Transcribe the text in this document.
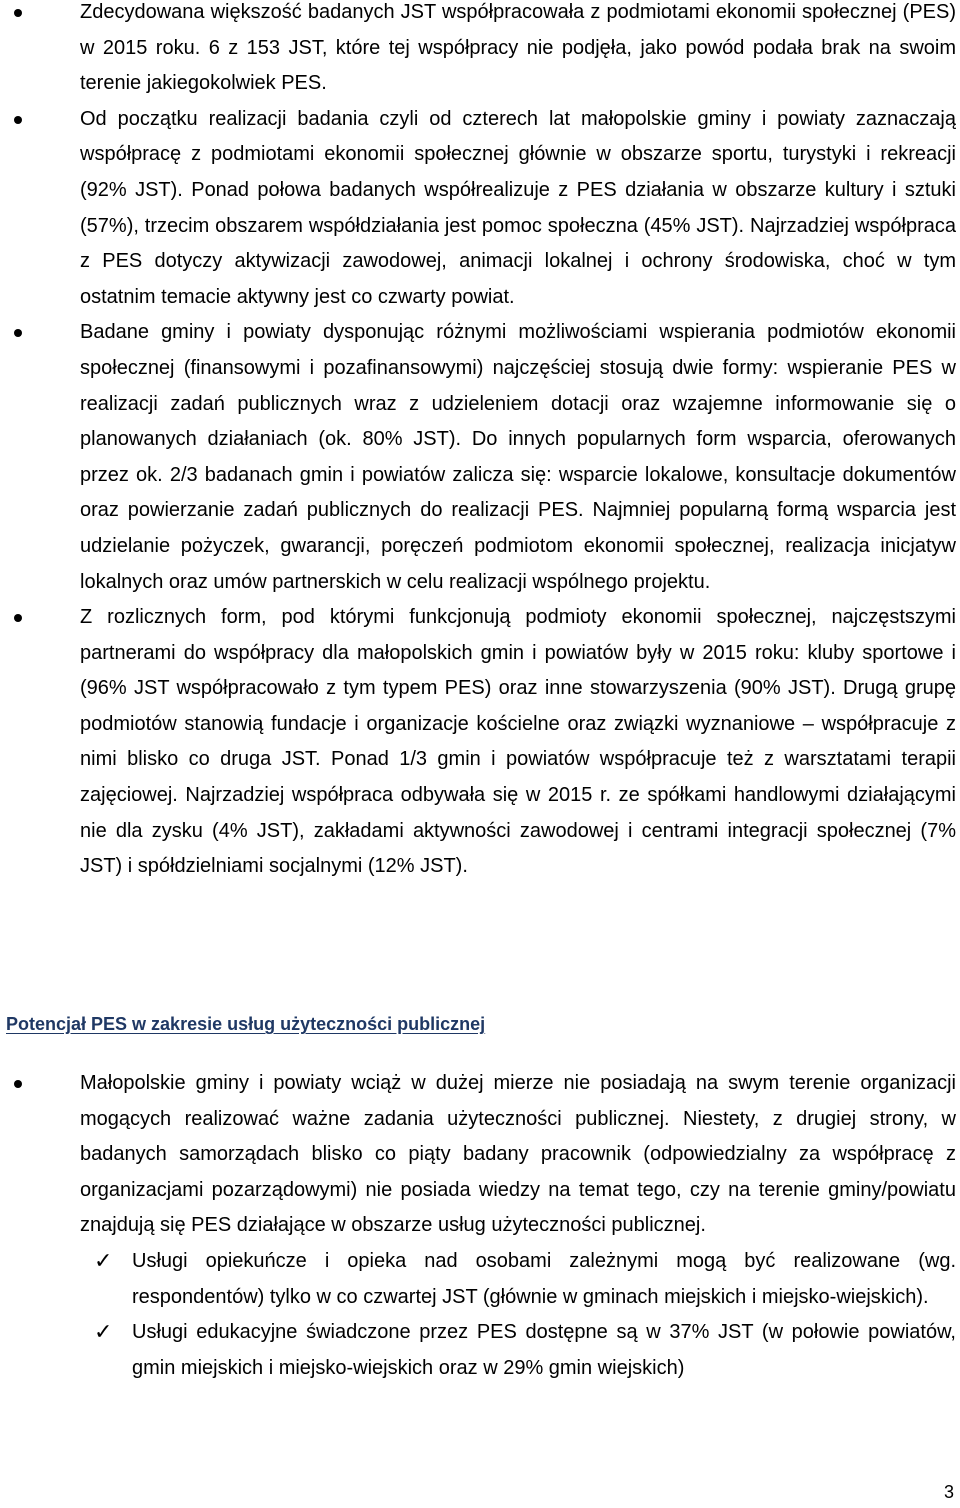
Zdecydowana większość badanych JST współpracowała z podmiotami ekonomii społecznej (PES) w 2015 roku. 6 z 153 JST, które tej współpracy nie podjęła, jako powód podała brak na swoim terenie jakiegokolwiek PES.
Od początku realizacji badania czyli od czterech lat małopolskie gminy i powiaty zaznaczają współpracę z podmiotami ekonomii społecznej głównie w obszarze sportu, turystyki i rekreacji (92% JST). Ponad połowa badanych współrealizuje z PES działania w obszarze kultury i sztuki (57%), trzecim obszarem współdziałania jest pomoc społeczna (45% JST). Najrzadziej współpraca z PES dotyczy aktywizacji zawodowej, animacji lokalnej i ochrony środowiska, choć w tym ostatnim temacie aktywny jest co czwarty powiat.
Badane gminy i powiaty dysponując różnymi możliwościami wspierania podmiotów ekonomii społecznej (finansowymi i pozafinansowymi) najczęściej stosują dwie formy: wspieranie PES w realizacji zadań publicznych wraz z udzieleniem dotacji oraz wzajemne informowanie się o planowanych działaniach (ok. 80% JST). Do innych popularnych form wsparcia, oferowanych przez ok. 2/3 badanach gmin i powiatów zalicza się: wsparcie lokalowe, konsultacje dokumentów oraz powierzanie zadań publicznych do realizacji PES. Najmniej popularną formą wsparcia jest udzielanie pożyczek, gwarancji, poręczeń podmiotom ekonomii społecznej, realizacja inicjatyw lokalnych oraz umów partnerskich w celu realizacji wspólnego projektu.
Z rozlicznych form, pod którymi funkcjonują podmioty ekonomii społecznej, najczęstszymi partnerami do współpracy dla małopolskich gmin i powiatów były w 2015 roku: kluby sportowe i (96% JST współpracowało z tym typem PES) oraz inne stowarzyszenia (90% JST). Drugą grupę podmiotów stanowią fundacje i organizacje kościelne oraz związki wyznaniowe – współpracuje z nimi blisko co druga JST. Ponad 1/3 gmin i powiatów współpracuje też z warsztatami terapii zajęciowej. Najrzadziej współpraca odbywała się w 2015 r. ze spółkami handlowymi działającymi nie dla zysku (4% JST), zakładami aktywności zawodowej i centrami integracji społecznej (7% JST) i spółdzielniami socjalnymi (12% JST).
Potencjał PES w zakresie usług użyteczności publicznej
Małopolskie gminy i powiaty wciąż w dużej mierze nie posiadają na swym terenie organizacji mogących realizować ważne zadania użyteczności publicznej. Niestety, z drugiej strony, w badanych samorządach blisko co piąty badany pracownik (odpowiedzialny za współpracę z organizacjami pozarządowymi) nie posiada wiedzy na temat tego, czy na terenie gminy/powiatu znajdują się PES działające w obszarze usług użyteczności publicznej.
✓ Usługi opiekuńcze i opieka nad osobami zależnymi mogą być realizowane (wg. respondentów) tylko w co czwartej JST (głównie w gminach miejskich i miejsko-wiejskich).
✓ Usługi edukacyjne świadczone przez PES dostępne są w 37% JST (w połowie powiatów, gmin miejskich i miejsko-wiejskich oraz w 29% gmin wiejskich)
3
